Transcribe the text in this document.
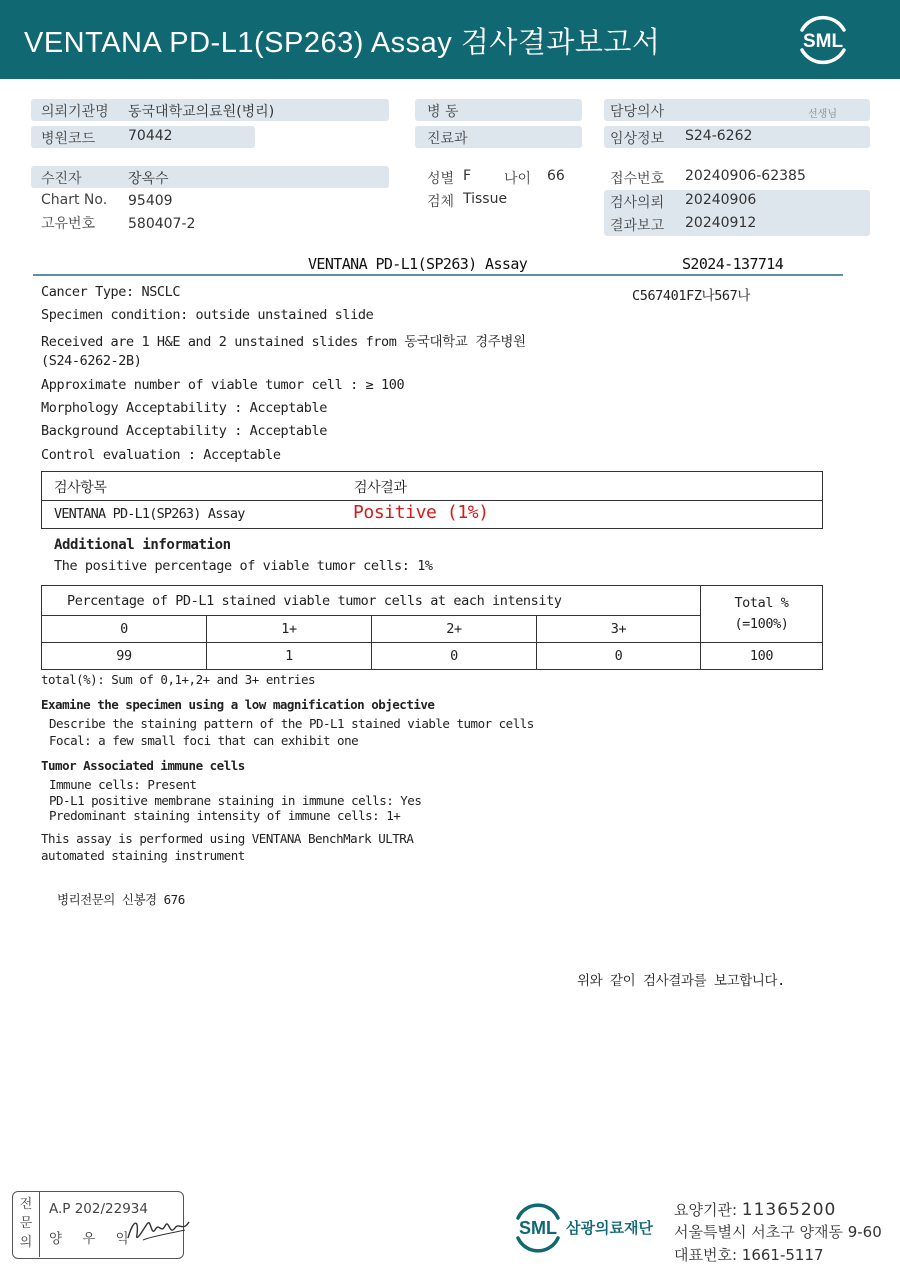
VENTANA PD-L1(SP263) Assay 검사결과보고서	SML
의뢰기관명 동국대학교의료원(병리)
병원코드 70442
병 동
진료과
담당의사	선생님
임상정보 S24-6262
수진자	장옥수
Chart No. 95409
고유번호 580407-2
성별 F 나이 66
검체 Tissue
접수번호 20240906-62385
검사의뢰 20240906
결과보고 20240912
VENTANA PD-L1(SP263) Assay	S2024-137714
C567401FZ나567나
Cancer Type: NSCLC
Specimen condition: outside unstained slide
Received are 1 H&E and 2 unstained slides from 동국대학교 경주병원
(S24-6262-2B)
Approximate number of viable tumor cell : ≥ 100
Morphology Acceptability : Acceptable
Background Acceptability : Acceptable
Control evaluation : Acceptable
검사항목	검사결과
VENTANA PD-L1(SP263) Assay	Positive (1%)
Additional information
The positive percentage of viable tumor cells: 1%
Percentage of PD-L1 stained viable tumor cells at each intensity				Total %
(=100%)

0	1+	2+	3+	
99	1	0	0	100
total(%): Sum of 0,1+,2+ and 3+ entries
Examine the specimen using a low magnification objective
Describe the staining pattern of the PD-L1 stained viable tumor cells
Focal: a few small foci that can exhibit one
Tumor Associated immune cells
Immune cells: Present
PD-L1 positive membrane staining in immune cells: Yes
Predominant staining intensity of immune cells: 1+
This assay is performed using VENTANA BenchMark ULTRA
automated staining instrument
병리전문의 신봉경 676
위와 같이 검사결과를 보고합니다.
전문의
A.P 202/22934
양 우 익
SML 삼광의료재단
요양기관: 11365200
서울특별시 서초구 양재동 9-60
대표번호: 1661-5117
